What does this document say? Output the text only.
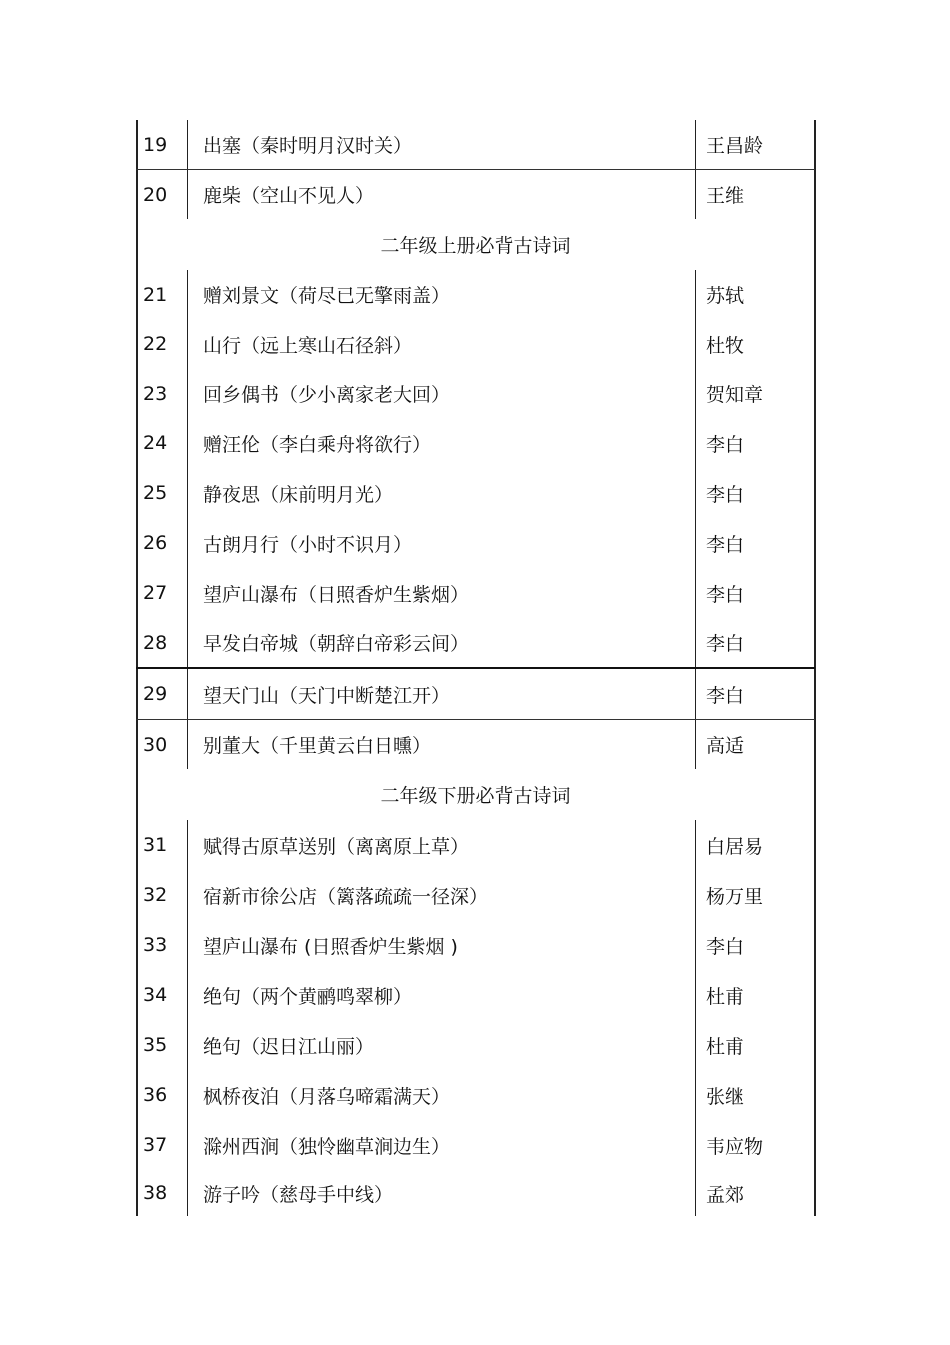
19	出塞（秦时明月汉时关）	王昌龄
20	鹿柴（空山不见人）	王维
二年级上册必背古诗词
21	赠刘景文（荷尽已无擎雨盖）	苏轼
22	山行（远上寒山石径斜）	杜牧
23	回乡偶书（少小离家老大回）	贺知章
24	赠汪伦（李白乘舟将欲行）	李白
25	静夜思（床前明月光）	李白
26	古朗月行（小时不识月）	李白
27	望庐山瀑布（日照香炉生紫烟）	李白
28	早发白帝城（朝辞白帝彩云间）	李白
29	望天门山（天门中断楚江开）	李白
30	别董大（千里黄云白日曛）	高适
二年级下册必背古诗词
31	赋得古原草送别（离离原上草）	白居易
32	宿新市徐公店（篱落疏疏一径深）	杨万里
33	望庐山瀑布 (日照香炉生紫烟 )	李白
34	绝句（两个黄鹂鸣翠柳）	杜甫
35	绝句（迟日江山丽）	杜甫
36	枫桥夜泊（月落乌啼霜满天）	张继
37	滁州西涧（独怜幽草涧边生）	韦应物
38	游子吟（慈母手中线）	孟郊
